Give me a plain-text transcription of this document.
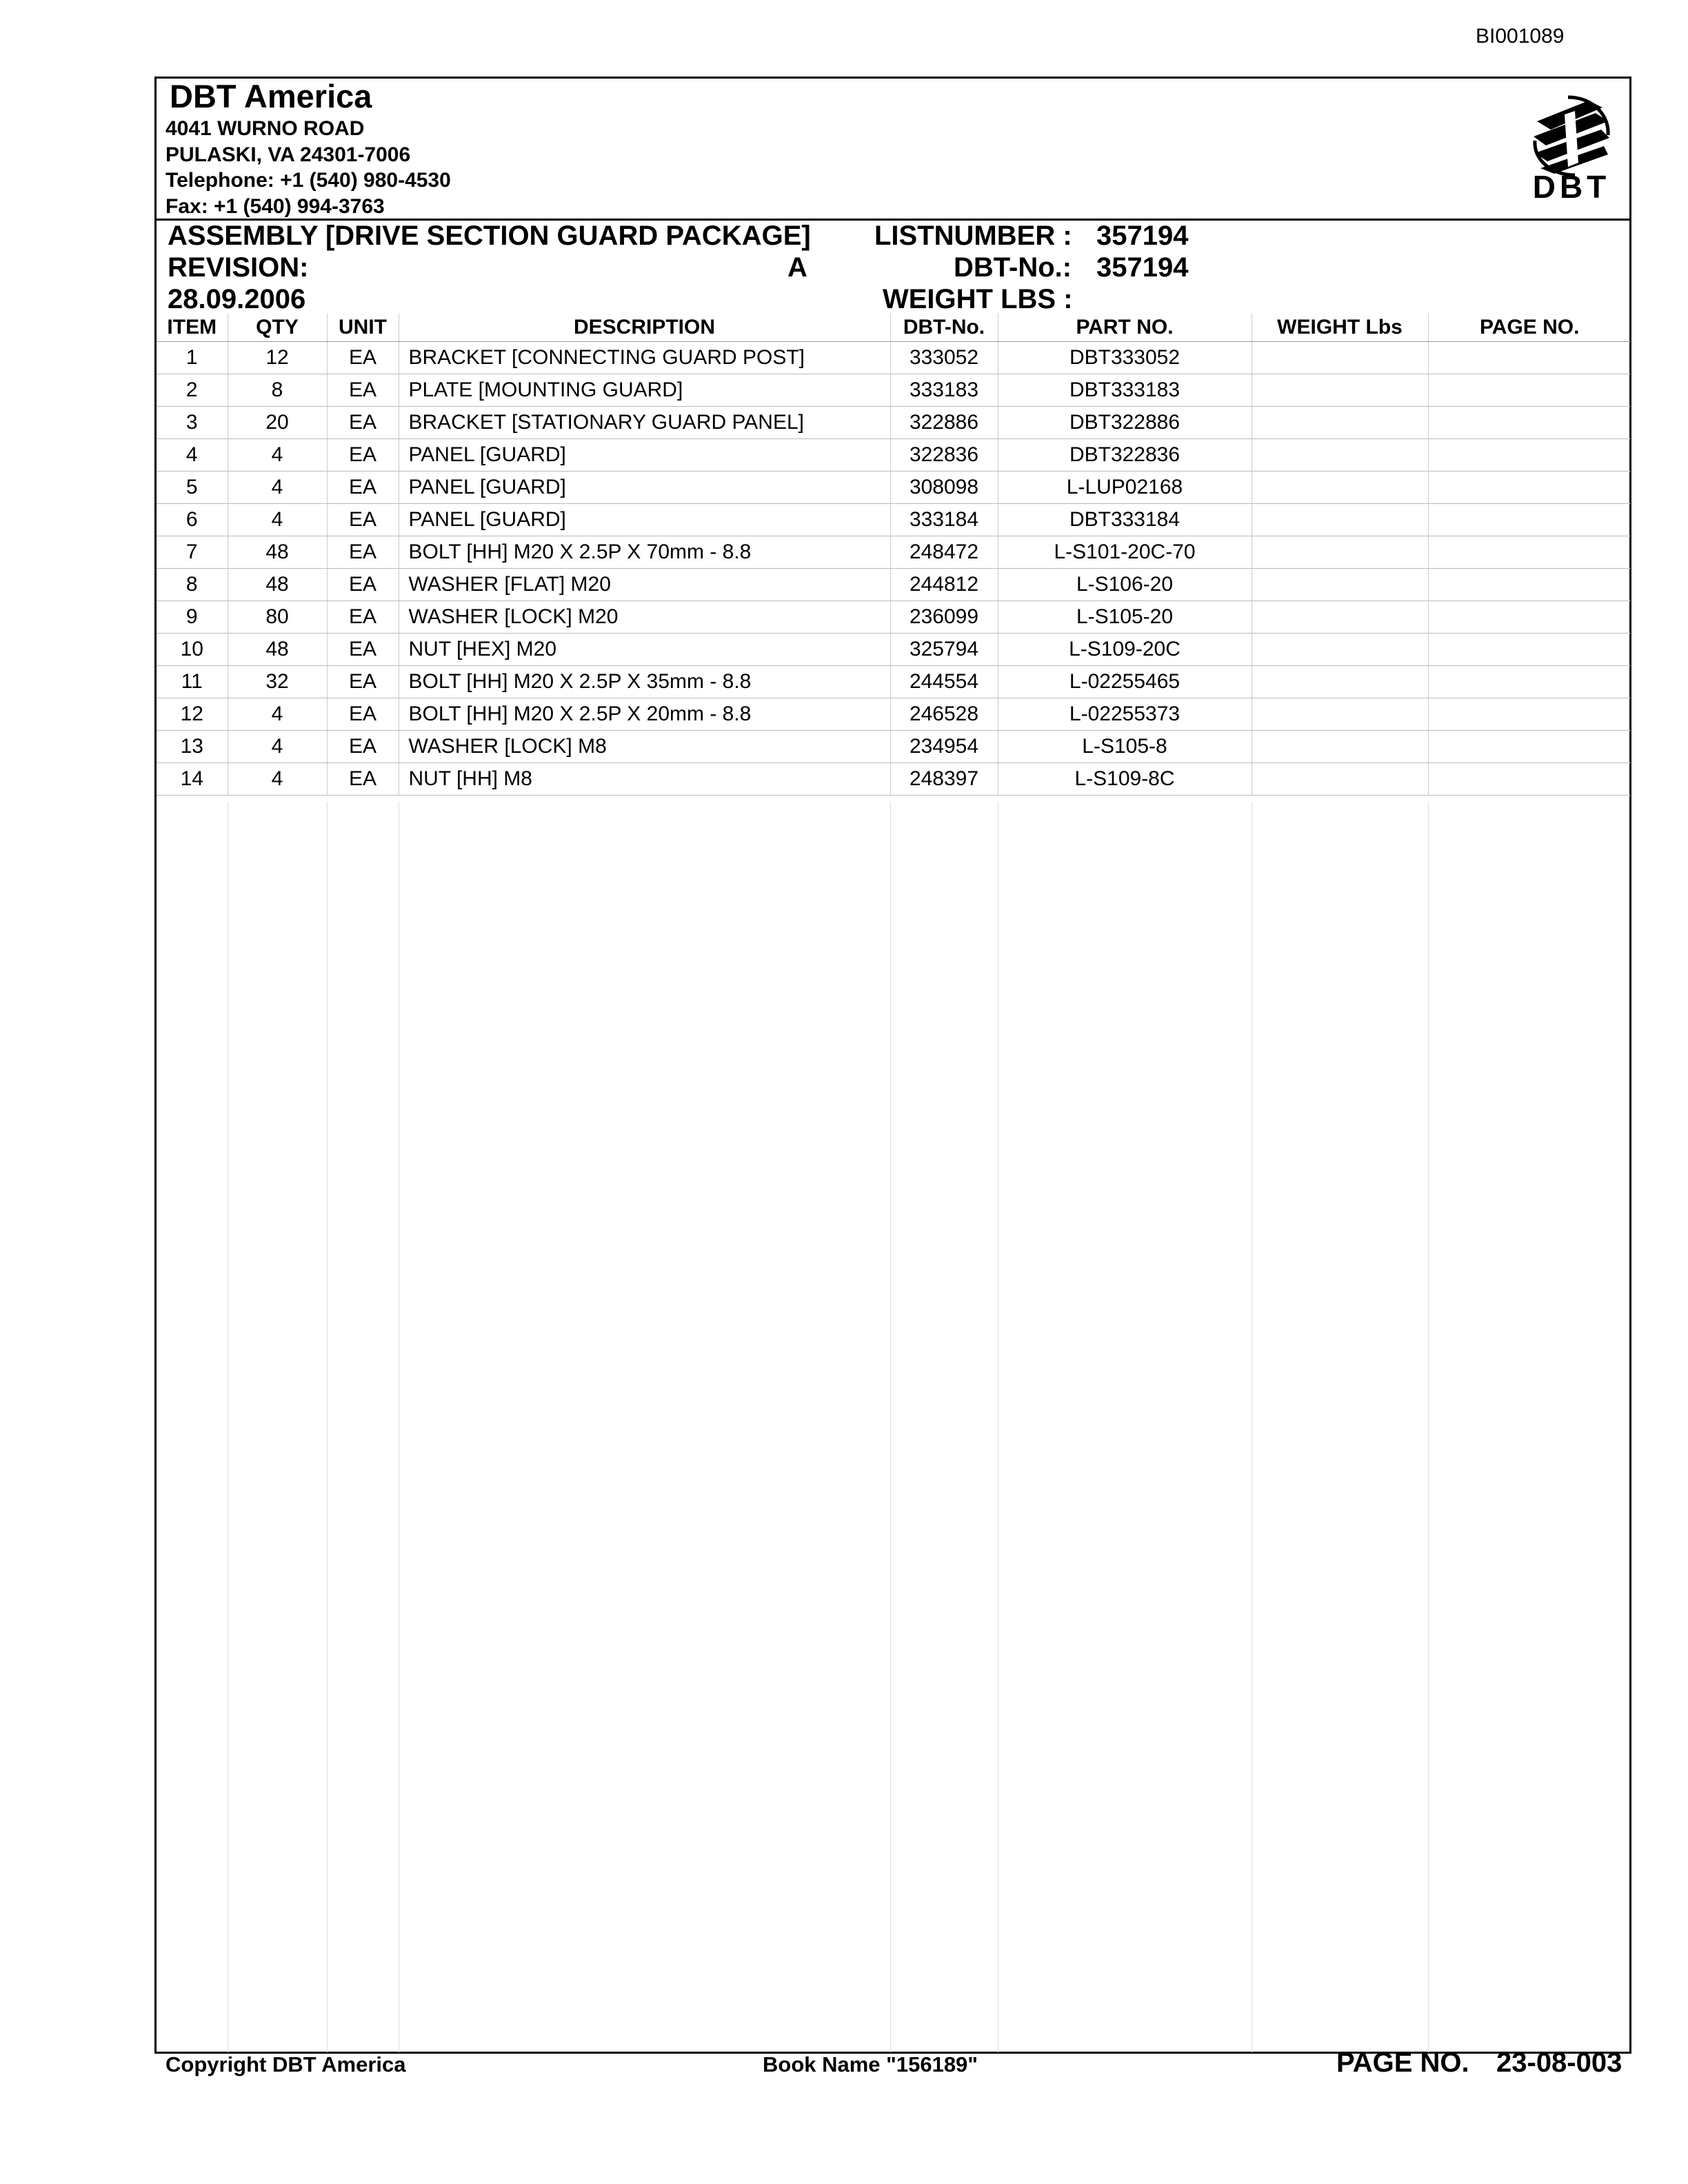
BI001089
DBT America
4041 WURNO ROAD
PULASKI, VA 24301-7006
Telephone: +1 (540) 980-4530
Fax: +1 (540) 994-3763
DBT
ASSEMBLY [DRIVE SECTION GUARD PACKAGE]
REVISION:	A
28.09.2006
LISTNUMBER : 357194
DBT-No.: 357194
WEIGHT LBS :
ITEM	QTY	UNIT	DESCRIPTION	DBT-No.	PART NO.	WEIGHT Lbs	PAGE NO.
1	12	EA	BRACKET [CONNECTING GUARD POST]	333052	DBT333052		
2	8	EA	PLATE [MOUNTING GUARD]	333183	DBT333183		
3	20	EA	BRACKET [STATIONARY GUARD PANEL]	322886	DBT322886		
4	4	EA	PANEL [GUARD]	322836	DBT322836		
5	4	EA	PANEL [GUARD]	308098	L-LUP02168		
6	4	EA	PANEL [GUARD]	333184	DBT333184		
7	48	EA	BOLT [HH] M20 X 2.5P X 70mm - 8.8	248472	L-S101-20C-70		
8	48	EA	WASHER [FLAT] M20	244812	L-S106-20		
9	80	EA	WASHER [LOCK] M20	236099	L-S105-20		
10	48	EA	NUT [HEX] M20	325794	L-S109-20C		
11	32	EA	BOLT [HH] M20 X 2.5P X 35mm - 8.8	244554	L-02255465		
12	4	EA	BOLT [HH] M20 X 2.5P X 20mm - 8.8	246528	L-02255373		
13	4	EA	WASHER [LOCK] M8	234954	L-S105-8		
14	4	EA	NUT [HH] M8	248397	L-S109-8C		
Copyright DBT America	Book Name "156189"	PAGE NO. 23-08-003
